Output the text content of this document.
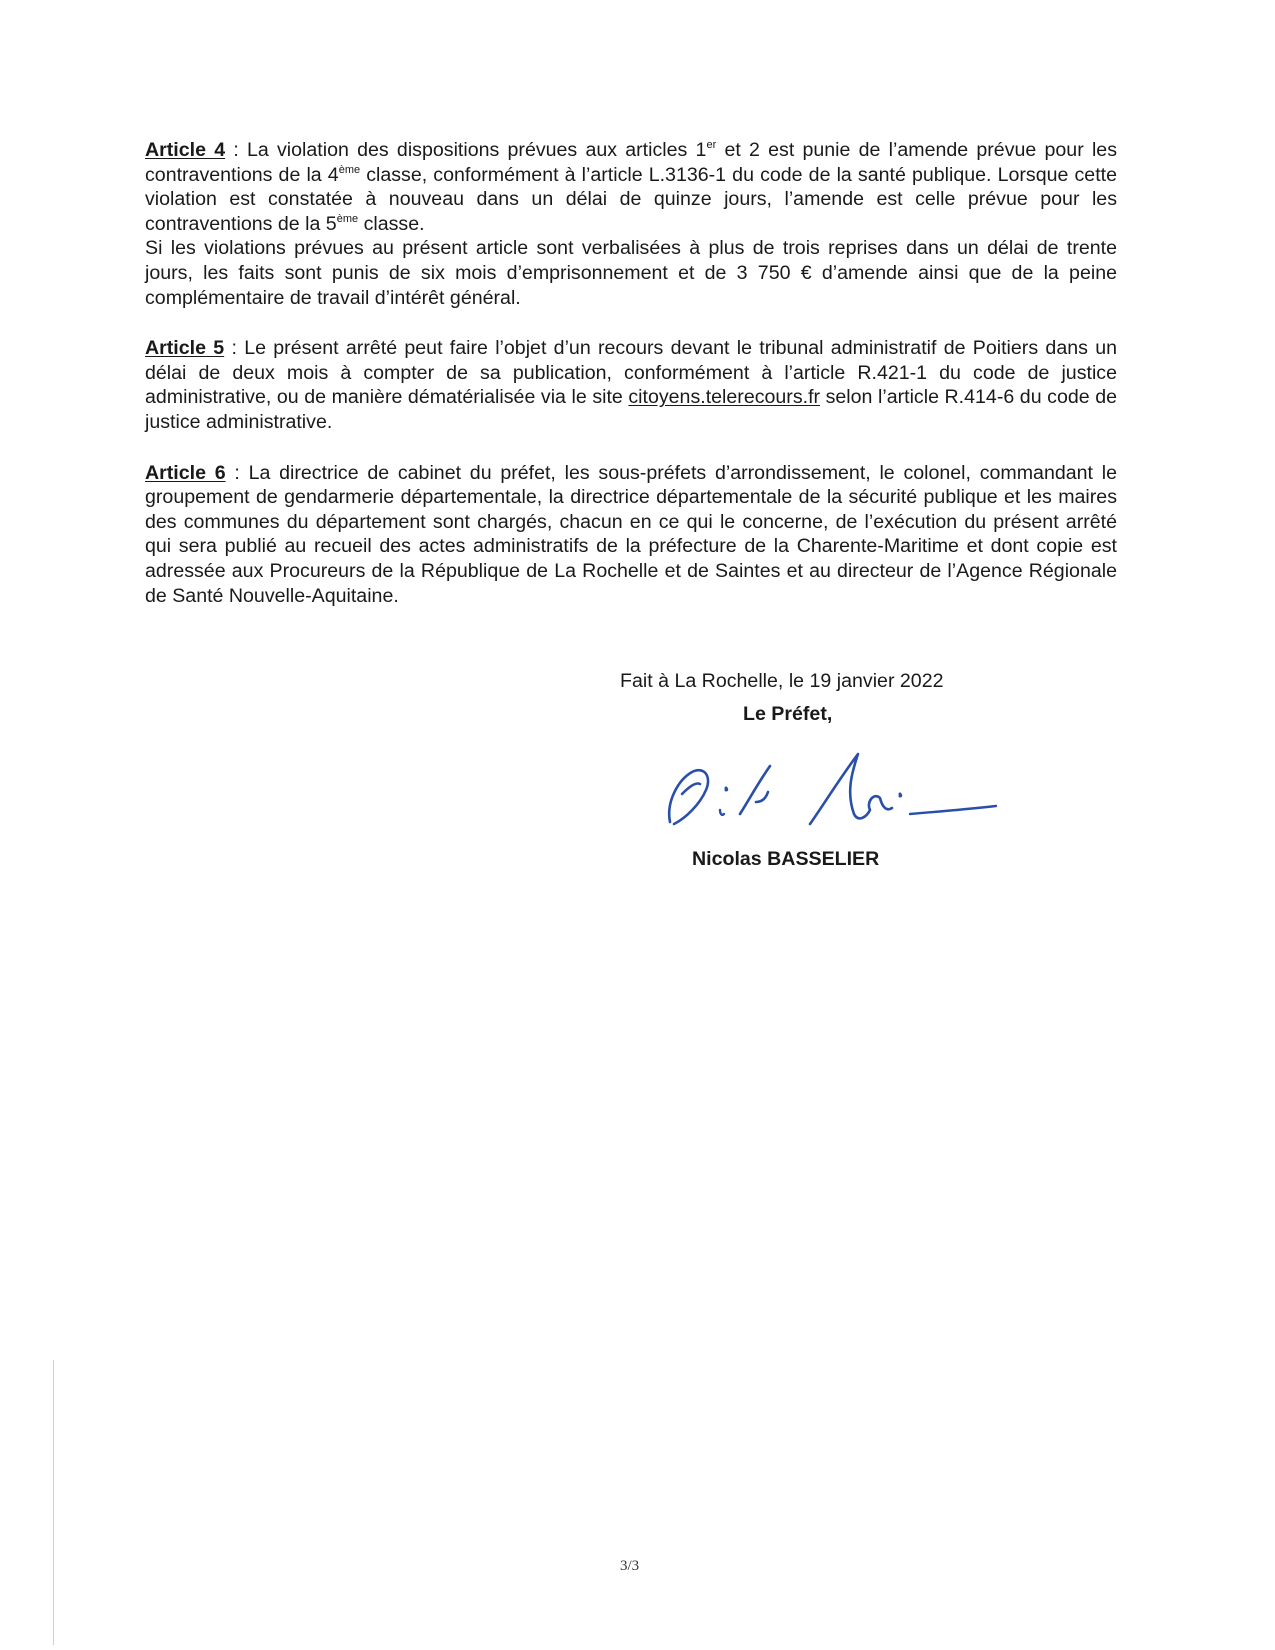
Article 4 : La violation des dispositions prévues aux articles 1er et 2 est punie de l’amende prévue pour les contraventions de la 4ème classe, conformément à l’article L.3136-1 du code de la santé publique. Lorsque cette violation est constatée à nouveau dans un délai de quinze jours, l’amende est celle prévue pour les contraventions de la 5ème classe.

Si les violations prévues au présent article sont verbalisées à plus de trois reprises dans un délai de trente jours, les faits sont punis de six mois d’emprisonnement et de 3 750 € d’amende ainsi que de la peine complémentaire de travail d’intérêt général.

Article 5 : Le présent arrêté peut faire l’objet d’un recours devant le tribunal administratif de Poitiers dans un délai de deux mois à compter de sa publication, conformément à l’article R.421-1 du code de justice administrative, ou de manière dématérialisée via le site citoyens.telerecours.fr selon l’article R.414-6 du code de justice administrative.

Article 6 : La directrice de cabinet du préfet, les sous-préfets d’arrondissement, le colonel, commandant le groupement de gendarmerie départementale, la directrice départementale de la sécurité publique et les maires des communes du département sont chargés, chacun en ce qui le concerne, de l’exécution du présent arrêté qui sera publié au recueil des actes administratifs de la préfecture de la Charente-Maritime et dont copie est adressée aux Procureurs de la République de La Rochelle et de Saintes et au directeur de l’Agence Régionale de Santé Nouvelle-Aquitaine.

Fait à La Rochelle, le 19 janvier 2022
Le Préfet,
Nicolas BASSELIER
3/3
